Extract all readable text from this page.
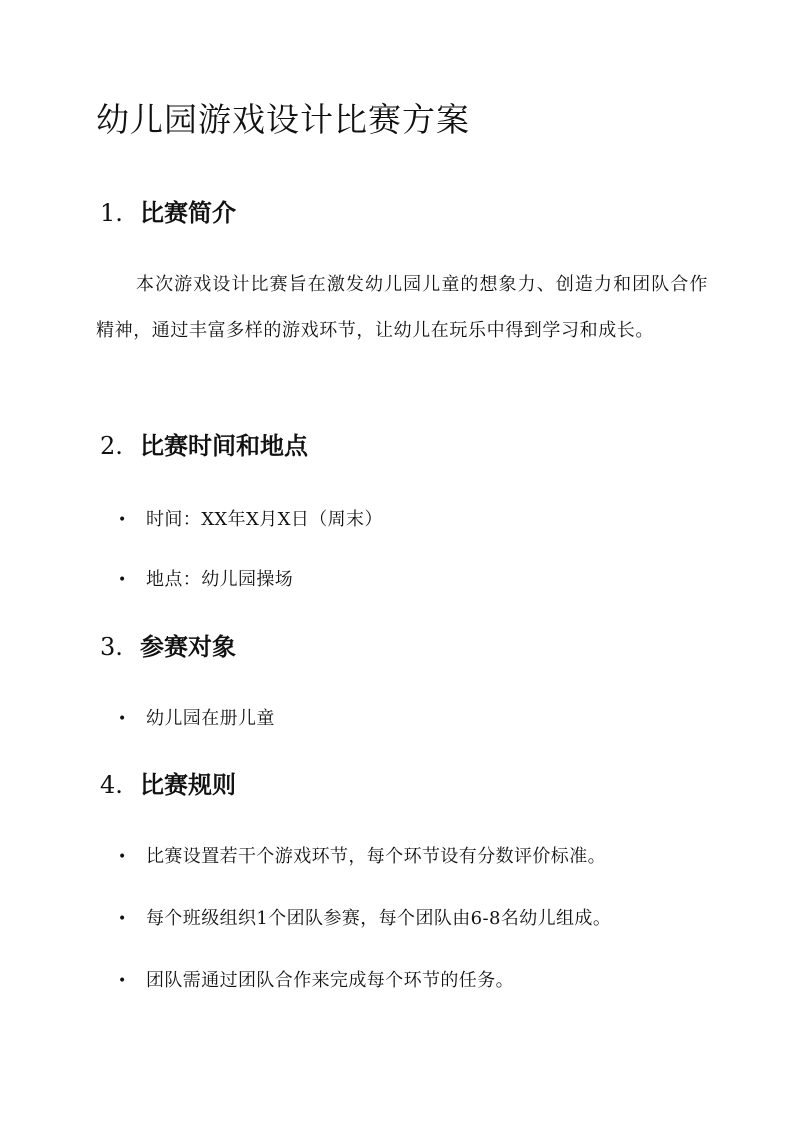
幼儿园游戏设计比赛方案
1. 比赛简介

本次游戏设计比赛旨在激发幼儿园儿童的想象力、创造力和团队合作精神，通过丰富多样的游戏环节，让幼儿在玩乐中得到学习和成长。

2. 比赛时间和地点

• 时间：XX年X月X日（周末）

• 地点：幼儿园操场

3. 参赛对象

• 幼儿园在册儿童

4. 比赛规则

• 比赛设置若干个游戏环节，每个环节设有分数评价标准。

• 每个班级组织1个团队参赛，每个团队由6-8名幼儿组成。

• 团队需通过团队合作来完成每个环节的任务。
